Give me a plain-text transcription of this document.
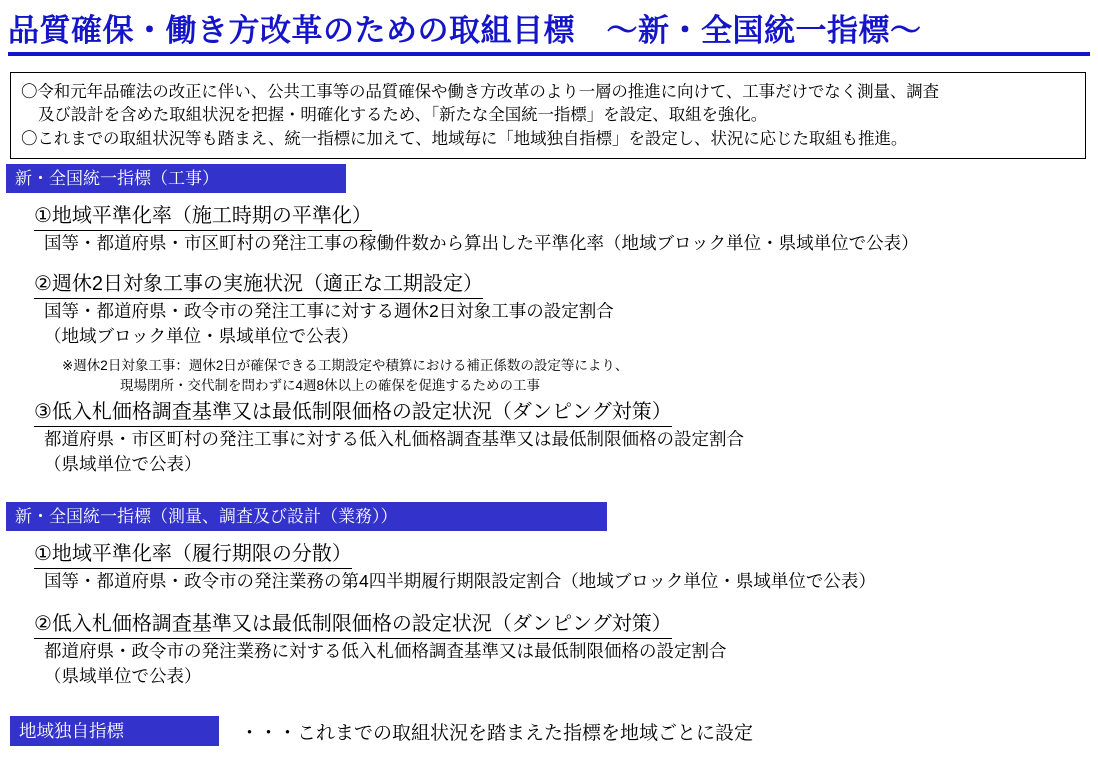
品質確保・働き方改革のための取組目標　～新・全国統一指標～
〇令和元年品確法の改正に伴い、公共工事等の品質確保や働き方改革のより一層の推進に向けて、工事だけでなく測量、調査
及び設計を含めた取組状況を把握・明確化するため、「新たな全国統一指標」を設定、取組を強化。
〇これまでの取組状況等も踏まえ、統一指標に加えて、地域毎に「地域独自指標」を設定し、状況に応じた取組も推進。
新・全国統一指標（工事）
①地域平準化率（施工時期の平準化）
国等・都道府県・市区町村の発注工事の稼働件数から算出した平準化率（地域ブロック単位・県域単位で公表）
②週休2日対象工事の実施状況（適正な工期設定）
国等・都道府県・政令市の発注工事に対する週休2日対象工事の設定割合
（地域ブロック単位・県域単位で公表）
※週休2日対象工事：週休2日が確保できる工期設定や積算における補正係数の設定等により、
現場閉所・交代制を問わずに4週8休以上の確保を促進するための工事
③低入札価格調査基準又は最低制限価格の設定状況（ダンピング対策）
都道府県・市区町村の発注工事に対する低入札価格調査基準又は最低制限価格の設定割合
（県域単位で公表）
新・全国統一指標（測量、調査及び設計（業務））
①地域平準化率（履行期限の分散）
国等・都道府県・政令市の発注業務の第4四半期履行期限設定割合（地域ブロック単位・県域単位で公表）
②低入札価格調査基準又は最低制限価格の設定状況（ダンピング対策）
都道府県・政令市の発注業務に対する低入札価格調査基準又は最低制限価格の設定割合
（県域単位で公表）
地域独自指標	・・・これまでの取組状況を踏まえた指標を地域ごとに設定
